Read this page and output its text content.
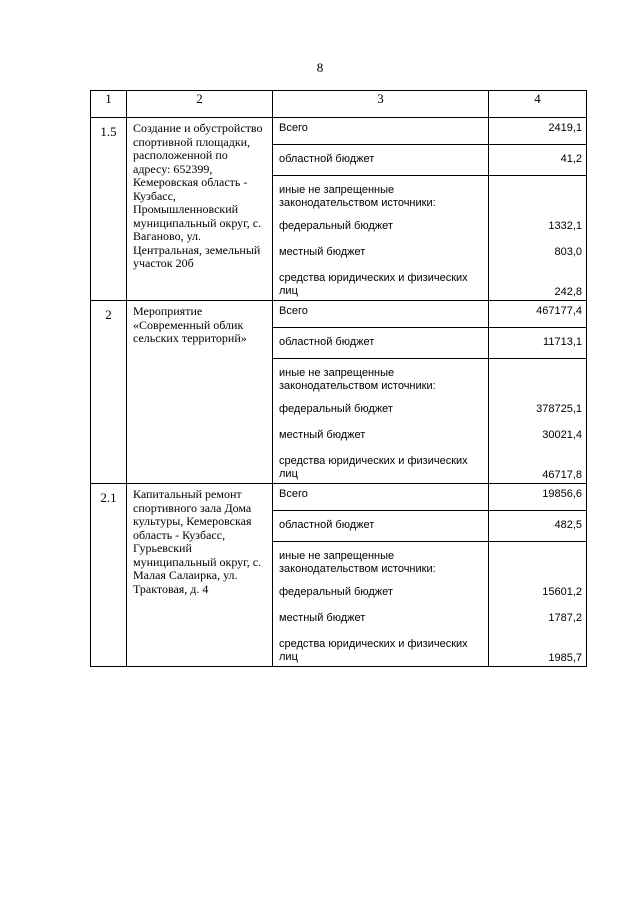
8
1	2	3	4
1.5	Создание и обустройство спортивной площадки, расположенной по адресу: 652399, Кемеровская область - Кузбасс, Промышленновский муниципальный округ, с. Ваганово, ул. Центральная, земельный участок 20б	Всего	2419,1
		областной бюджет	41,2
		иные не запрещенные законодательством источники:	
		федеральный бюджет	1332,1
		местный бюджет	803,0
		средства юридических и физических лиц	242,8
2	Мероприятие «Современный облик сельских территорий»	Всего	467177,4
		областной бюджет	11713,1
		иные не запрещенные законодательством источники:	
		федеральный бюджет	378725,1
		местный бюджет	30021,4
		средства юридических и физических лиц	46717,8
2.1	Капитальный ремонт спортивного зала Дома культуры, Кемеровская область - Кузбасс, Гурьевский муниципальный округ, с. Малая Салаирка, ул. Трактовая, д. 4	Всего	19856,6
		областной бюджет	482,5
		иные не запрещенные законодательством источники:	
		федеральный бюджет	15601,2
		местный бюджет	1787,2
		средства юридических и физических лиц	1985,7
